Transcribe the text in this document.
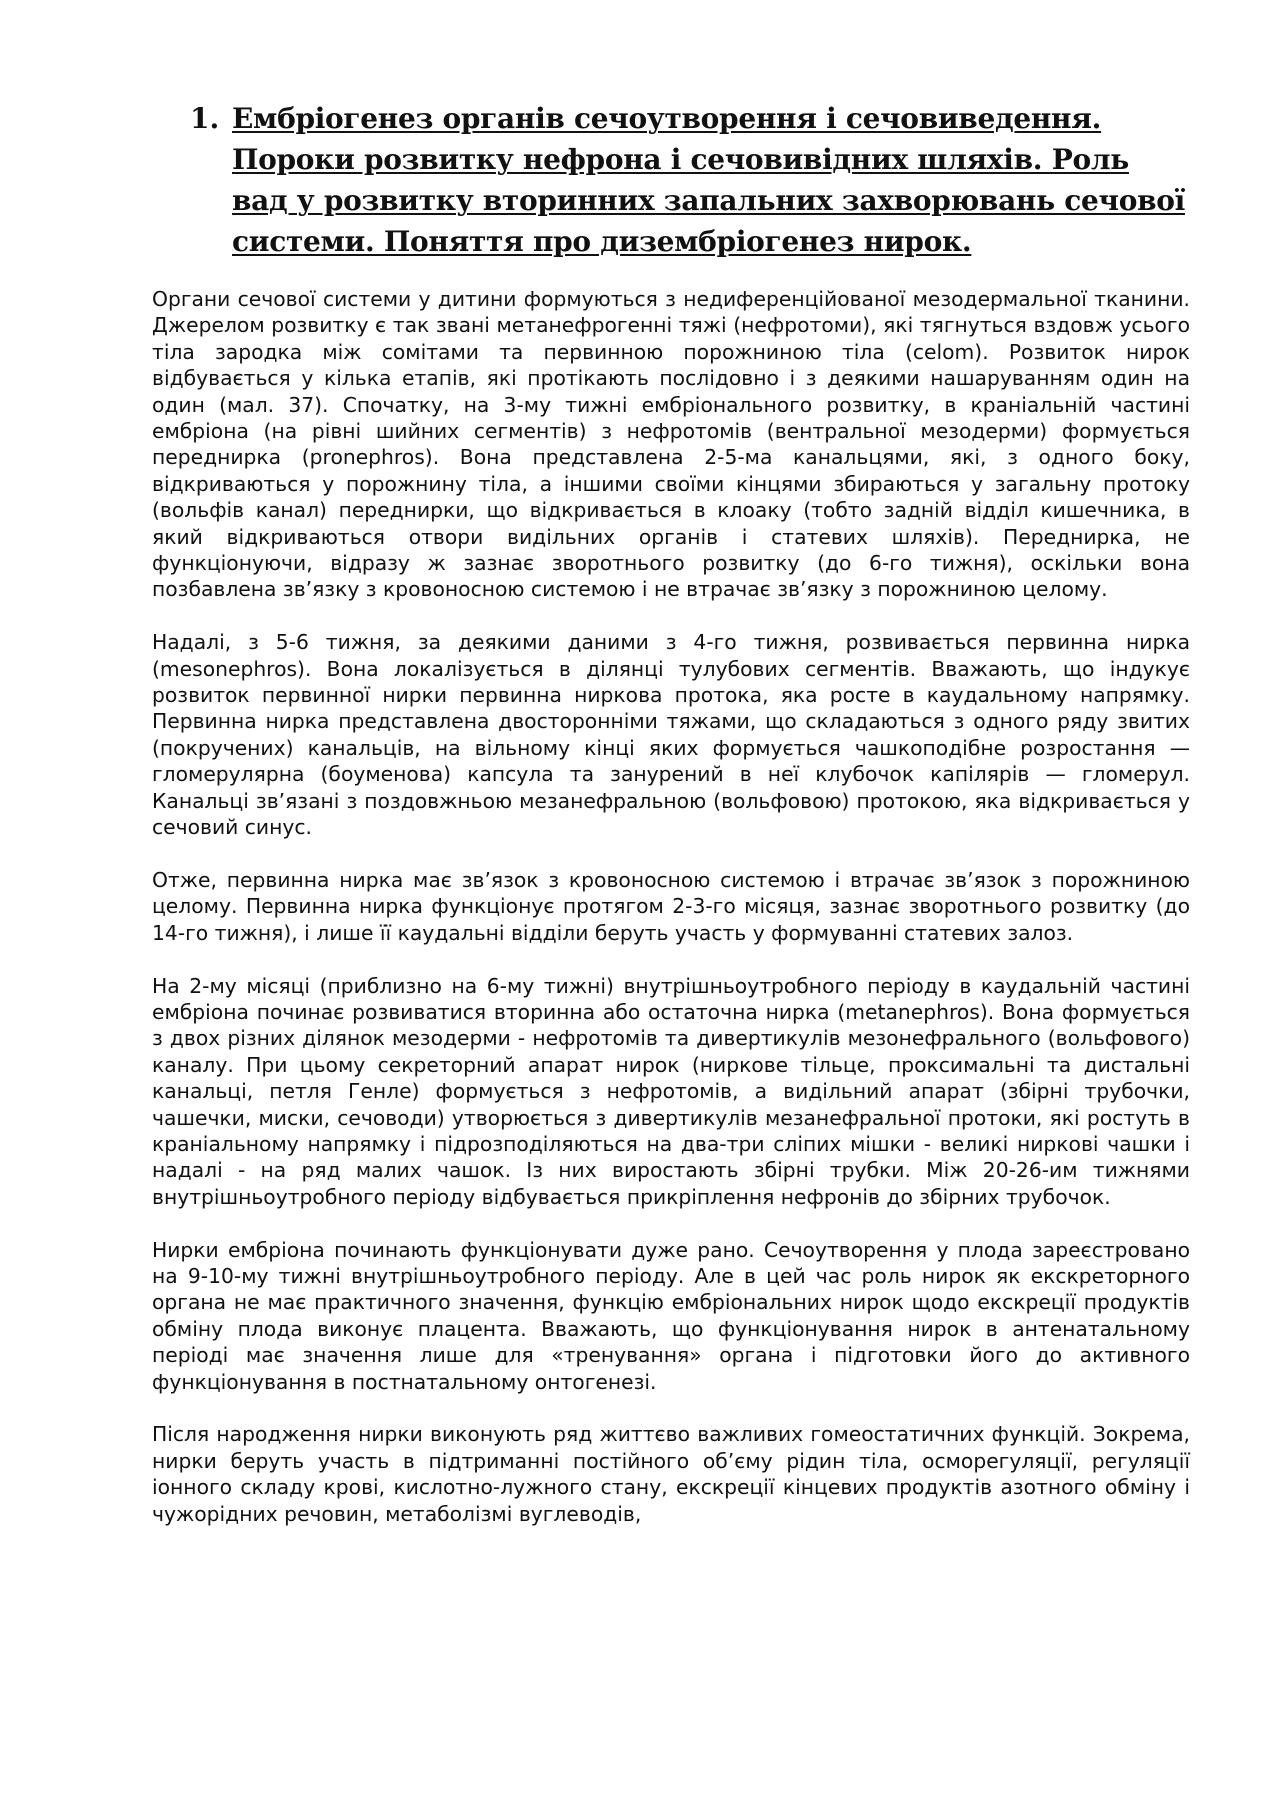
1. Ембріогенез органів сечоутворення і сечовиведення. Пороки розвитку нефрона і сечовивідних шляхів. Роль вад у розвитку вторинних запальних захворювань сечової системи. Поняття про дизембріогенез нирок.

Органи сечової системи у дитини формуються з недиференційованої мезодермальної тканини. Джерелом розвитку є так звані метанефрогенні тяжі (нефротоми), які тягнуться вздовж усього тіла зародка між сомітами та первинною порожниною тіла (celom). Розвиток нирок відбувається у кілька етапів, які протікають послідовно і з деякими нашаруванням один на один (мал. 37). Спочатку, на 3-му тижні ембріонального розвитку, в краніальній частині ембріона (на рівні шийних сегментів) з нефротомів (вентральної мезодерми) формується переднирка (pronephros). Вона представлена 2-5-ма канальцями, які, з одного боку, відкриваються у порожнину тіла, а іншими своїми кінцями збираються у загальну протоку (вольфів канал) переднирки, що відкривається в клоаку (тобто задній відділ кишечника, в який відкриваються отвори видільних органів і статевих шляхів). Переднирка, не функціонуючи, відразу ж зазнає зворотнього розвитку (до 6-го тижня), оскільки вона позбавлена зв’язку з кровоносною системою і не втрачає зв’язку з порожниною целому.

Надалі, з 5-6 тижня, за деякими даними з 4-го тижня, розвивається первинна нирка (mesonephros). Вона локалізується в ділянці тулубових сегментів. Вважають, що індукує розвиток первинної нирки первинна ниркова протока, яка росте в каудальному напрямку. Первинна нирка представлена двосторонніми тяжами, що складаються з одного ряду звитих (покручених) канальців, на вільному кінці яких формується чашкоподібне розростання — гломерулярна (боуменова) капсула та занурений в неї клубочок капілярів — гломерул. Канальці зв’язані з поздовжньою мезанефральною (вольфовою) протокою, яка відкривається у сечовий синус.

Отже, первинна нирка має зв’язок з кровоносною системою і втрачає зв’язок з порожниною целому. Первинна нирка функціонує протягом 2-3-го місяця, зазнає зворотнього розвитку (до 14-го тижня), і лише її каудальні відділи беруть участь у формуванні статевих залоз.

На 2-му місяці (приблизно на 6-му тижні) внутрішньоутробного періоду в каудальній частині ембріона починає розвиватися вторинна або остаточна нирка (metanephros). Вона формується з двох різних ділянок мезодерми - нефротомів та дивертикулів мезонефрального (вольфового) каналу. При цьому секреторний апарат нирок (ниркове тільце, проксимальні та дистальні канальці, петля Генле) формується з нефротомів, а видільний апарат (збірні трубочки, чашечки, миски, сечоводи) утворюється з дивертикулів мезанефральної протоки, які ростуть в краніальному напрямку і підрозподіляються на два-три сліпих мішки - великі ниркові чашки і надалі - на ряд малих чашок. Із них виростають збірні трубки. Між 20-26-им тижнями внутрішньоутробного періоду відбувається прикріплення нефронів до збірних трубочок.

Нирки ембріона починають функціонувати дуже рано. Сечоутворення у плода зареєстровано на 9-10-му тижні внутрішньоутробного періоду. Але в цей час роль нирок як екскреторного органа не має практичного значення, функцію ембріональних нирок щодо екскреції продуктів обміну плода виконує плацента. Вважають, що функціонування нирок в антенатальному періоді має значення лише для «тренування» органа і підготовки його до активного функціонування в постнатальному онтогенезі.

Після народження нирки виконують ряд життєво важливих гомеостатичних функцій. Зокрема, нирки беруть участь в підтриманні постійного об’єму рідин тіла, осморегуляції, регуляції іонного складу крові, кислотно-лужного стану, екскреції кінцевих продуктів азотного обміну і чужорідних речовин, метаболізмі вуглеводів,
